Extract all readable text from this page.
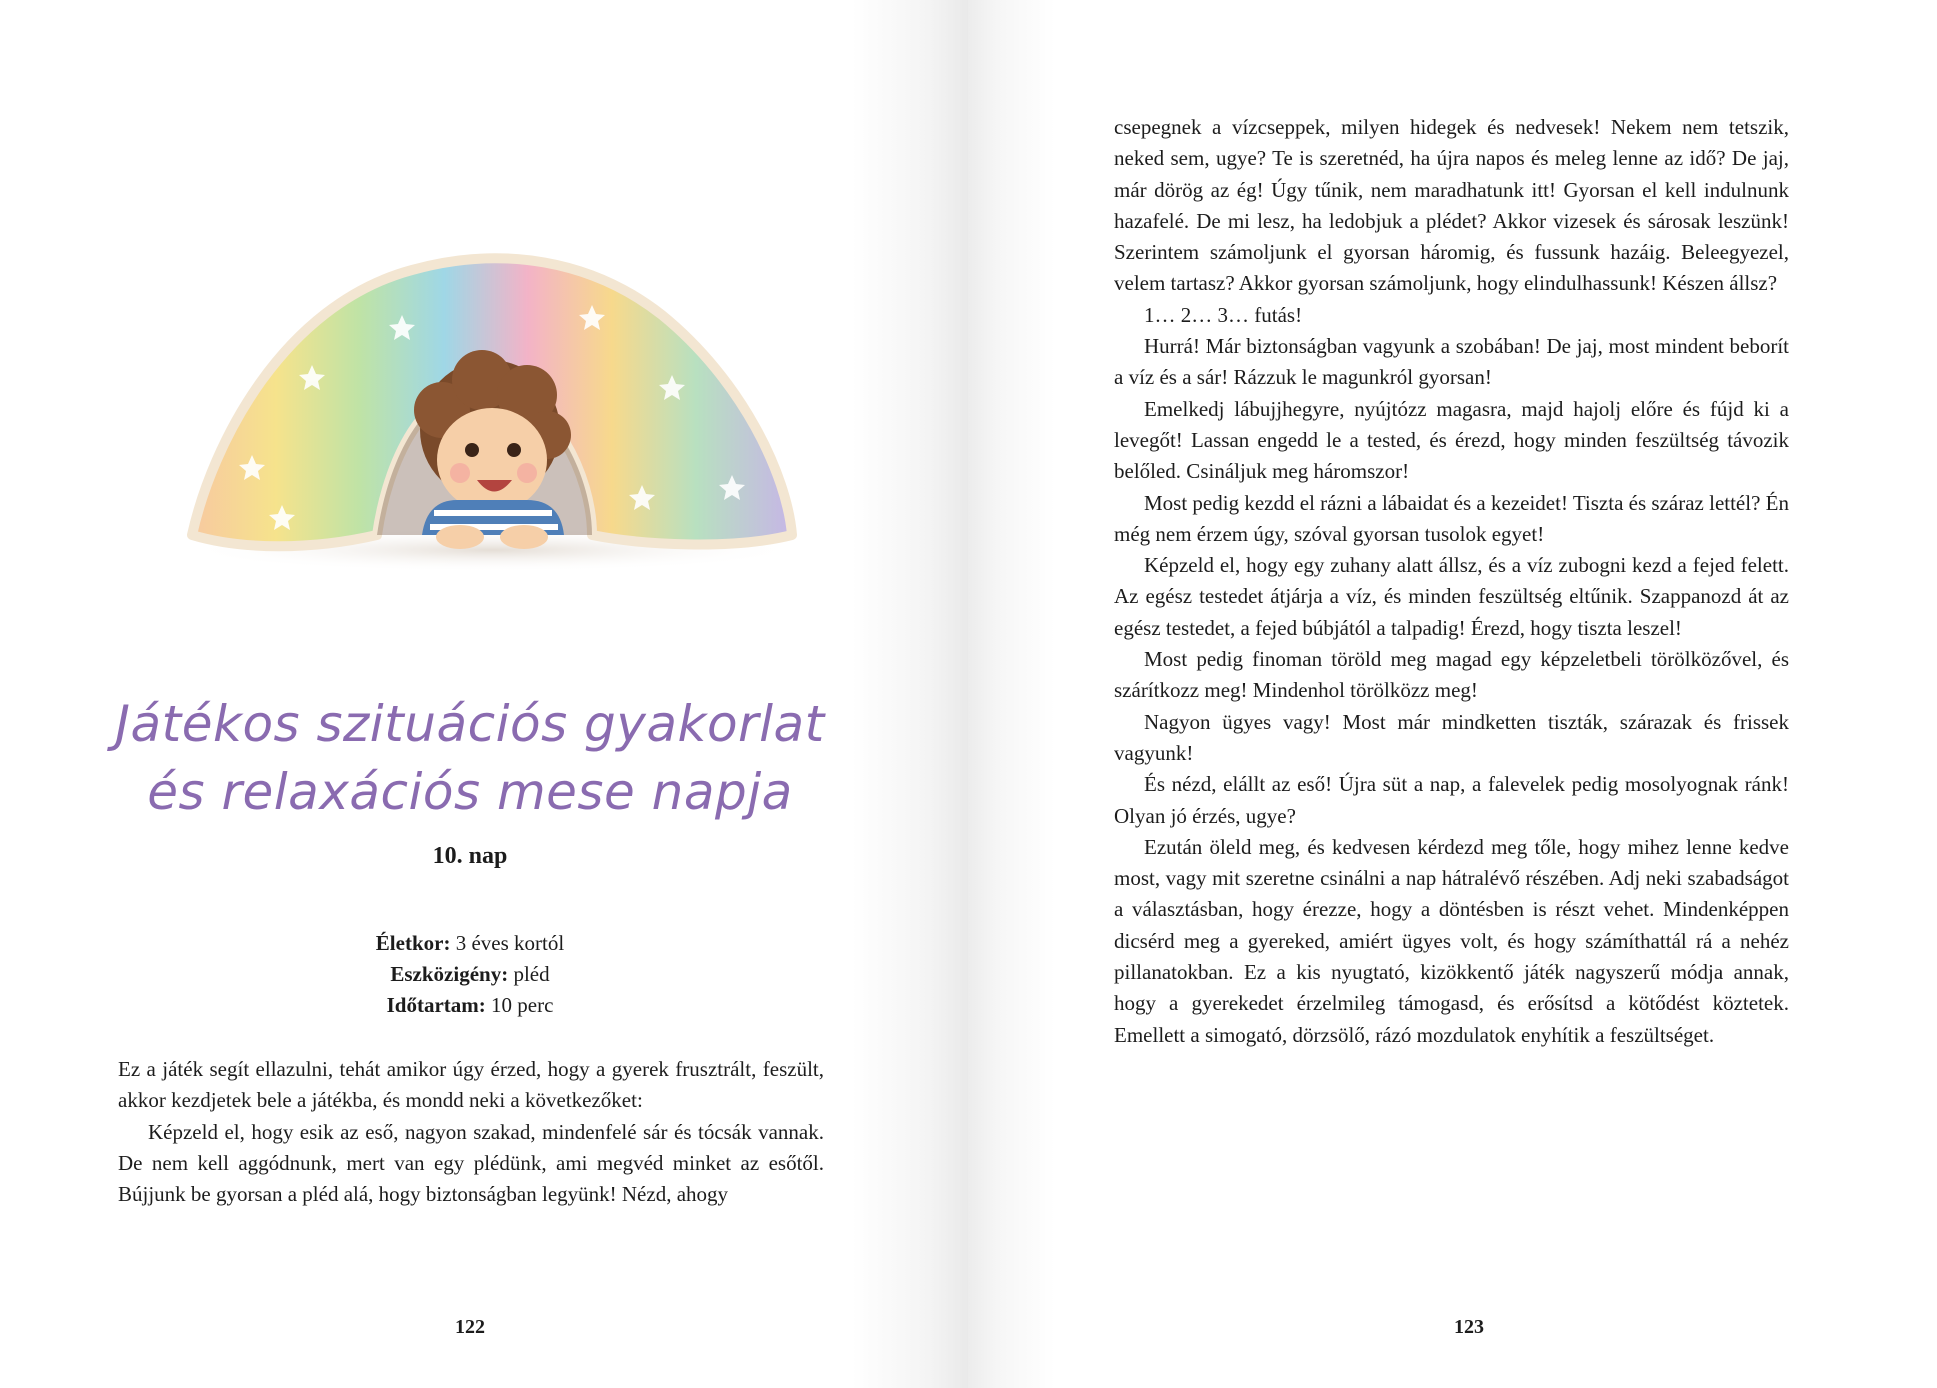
Játékos szituációs gyakorlat
és relaxációs mese napja
10. nap
Életkor: 3 éves kortól
Eszközigény: pléd
Időtartam: 10 perc

Ez a játék segít ellazulni, tehát amikor úgy érzed, hogy a gyerek frusztrált, feszült, akkor kezdjetek bele a játékba, és mondd neki a következőket:

Képzeld el, hogy esik az eső, nagyon szakad, mindenfelé sár és tócsák vannak. De nem kell aggódnunk, mert van egy plédünk, ami megvéd minket az esőtől. Bújjunk be gyorsan a pléd alá, hogy biztonságban legyünk! Nézd, ahogy

122

csepegnek a vízcseppek, milyen hidegek és nedvesek! Nekem nem tetszik, neked sem, ugye? Te is szeretnéd, ha újra napos és meleg lenne az idő? De jaj, már dörög az ég! Úgy tűnik, nem maradhatunk itt! Gyorsan el kell indulnunk hazafelé. De mi lesz, ha ledobjuk a plédet? Akkor vizesek és sárosak leszünk! Szerintem számoljunk el gyorsan háromig, és fussunk hazáig. Beleegyezel, velem tartasz? Akkor gyorsan számoljunk, hogy elindulhassunk! Készen állsz?

1… 2… 3… futás!

Hurrá! Már biztonságban vagyunk a szobában! De jaj, most mindent beborít a víz és a sár! Rázzuk le magunkról gyorsan!

Emelkedj lábujjhegyre, nyújtózz magasra, majd hajolj előre és fújd ki a levegőt! Lassan engedd le a tested, és érezd, hogy minden feszültség távozik belőled. Csináljuk meg háromszor!

Most pedig kezdd el rázni a lábaidat és a kezeidet! Tiszta és száraz lettél? Én még nem érzem úgy, szóval gyorsan tusolok egyet!

Képzeld el, hogy egy zuhany alatt állsz, és a víz zubogni kezd a fejed felett. Az egész testedet átjárja a víz, és minden feszültség eltűnik. Szappanozd át az egész testedet, a fejed búbjától a talpadig! Érezd, hogy tiszta leszel!

Most pedig finoman töröld meg magad egy képzeletbeli törölközővel, és szárítkozz meg! Mindenhol törölközz meg!

Nagyon ügyes vagy! Most már mindketten tiszták, szárazak és frissek vagyunk!

És nézd, elállt az eső! Újra süt a nap, a falevelek pedig mosolyognak ránk! Olyan jó érzés, ugye?

Ezután öleld meg, és kedvesen kérdezd meg tőle, hogy mihez lenne kedve most, vagy mit szeretne csinálni a nap hátralévő részében. Adj neki szabadságot a választásban, hogy érezze, hogy a döntésben is részt vehet. Mindenképpen dicsérd meg a gyereked, amiért ügyes volt, és hogy számíthattál rá a nehéz pillanatokban. Ez a kis nyugtató, kizökkentő játék nagyszerű módja annak, hogy a gyerekedet érzelmileg támogasd, és erősítsd a kötődést köztetek. Emellett a simogató, dörzsölő, rázó mozdulatok enyhítik a feszültséget.

123
